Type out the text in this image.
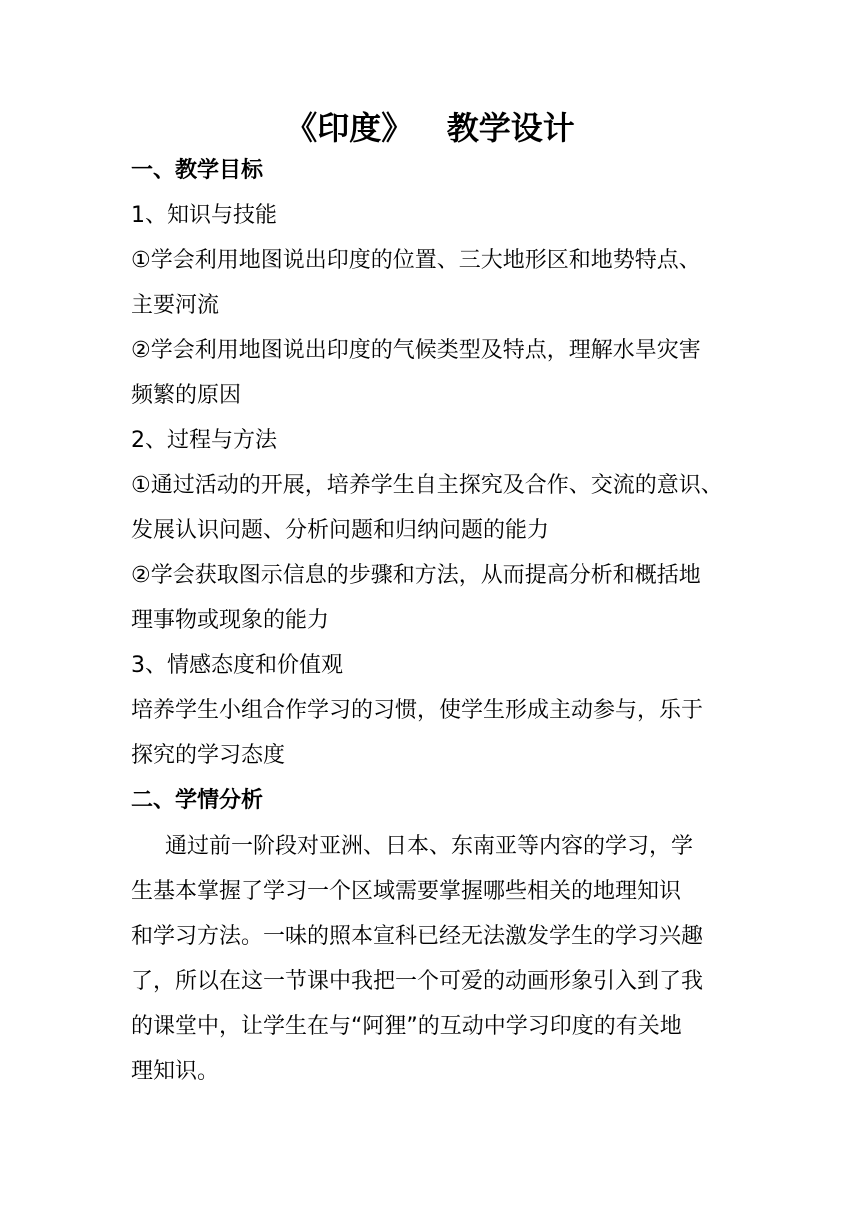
《印度》   教学设计
一、教学目标
1、知识与技能
①学会利用地图说出印度的位置、三大地形区和地势特点、
主要河流
②学会利用地图说出印度的气候类型及特点，理解水旱灾害
频繁的原因
2、过程与方法
①通过活动的开展，培养学生自主探究及合作、交流的意识、
发展认识问题、分析问题和归纳问题的能力
②学会获取图示信息的步骤和方法，从而提高分析和概括地
理事物或现象的能力
3、情感态度和价值观
培养学生小组合作学习的习惯，使学生形成主动参与，乐于
探究的学习态度
二、学情分析
通过前一阶段对亚洲、日本、东南亚等内容的学习，学
生基本掌握了学习一个区域需要掌握哪些相关的地理知识
和学习方法。一味的照本宣科已经无法激发学生的学习兴趣
了，所以在这一节课中我把一个可爱的动画形象引入到了我
的课堂中，让学生在与“阿狸”的互动中学习印度的有关地
理知识。
